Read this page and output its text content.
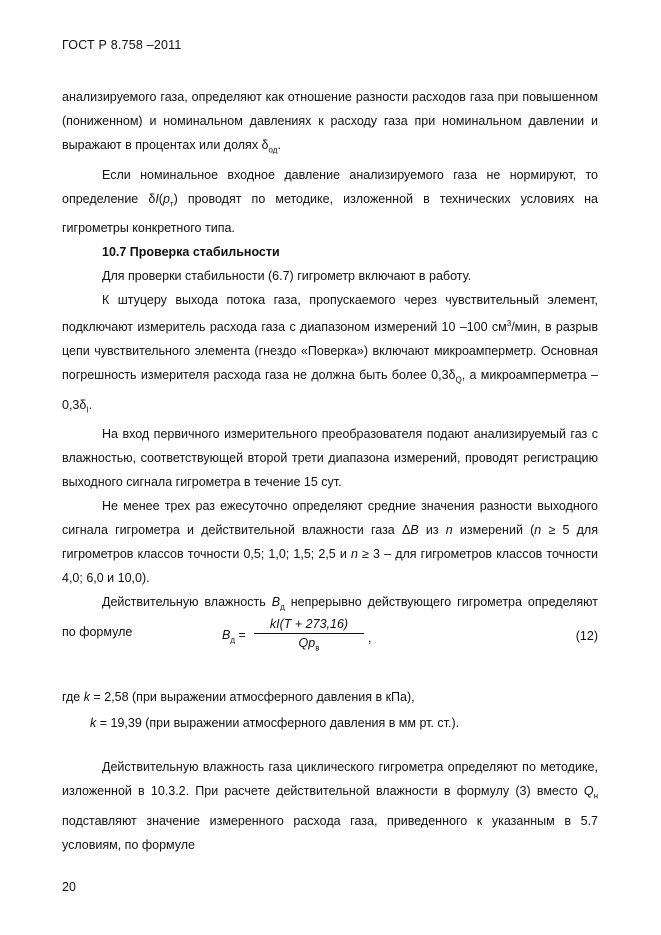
ГОСТ Р 8.758 –2011

анализируемого газа, определяют как отношение разности расходов газа при повышенном (пониженном) и номинальном давлениях к расходу газа при номинальном давлении и выражают в процентах или долях $\delta_{од}$.

Если номинальное входное давление анализируемого газа не нормируют, то определение $\delta I(p_т)$ проводят по методике, изложенной в технических условиях на гигрометры конкретного типа.

10.7 Проверка стабильности

Для проверки стабильности (6.7) гигрометр включают в работу.

К штуцеру выхода потока газа, пропускаемого через чувствительный элемент, подключают измеритель расхода газа с диапазоном измерений 10 –100 $см^3$/мин, в разрыв цепи чувствительного элемента (гнездо «Поверка») включают микроамперметр. Основная погрешность измерителя расхода газа не должна быть более $0,3\delta_Q$, а микроамперметра – $0,3\delta_I$.

На вход первичного измерительного преобразователя подают анализируемый газ с влажностью, соответствующей второй трети диапазона измерений, проводят регистрацию выходного сигнала гигрометра в течение 15 сут.

Не менее трех раз ежесуточно определяют средние значения разности выходного сигнала гигрометра и действительной влажности газа ΔB из n измерений (n ≥ 5 для гигрометров классов точности 0,5; 1,0; 1,5; 2,5 и n ≥ 3 – для гигрометров классов точности 4,0; 6,0 и 10,0).

Действительную влажность $B_д$ непрерывно действующего гигрометра определяют по формуле	$B_д$ =
kI(T + 273,16)
$Qp_в$
,	(12)
где k = 2,58 (при выражении атмосферного давления в кПа),
k = 19,39 (при выражении атмосферного давления в мм рт. ст.).

Действительную влажность газа циклического гигрометра определяют по методике, изложенной в 10.3.2. При расчете действительной влажности в формулу (3) вместо $Q_н$ подставляют значение измеренного расхода газа, приведенного к указанным в 5.7 условиям, по формуле

20
